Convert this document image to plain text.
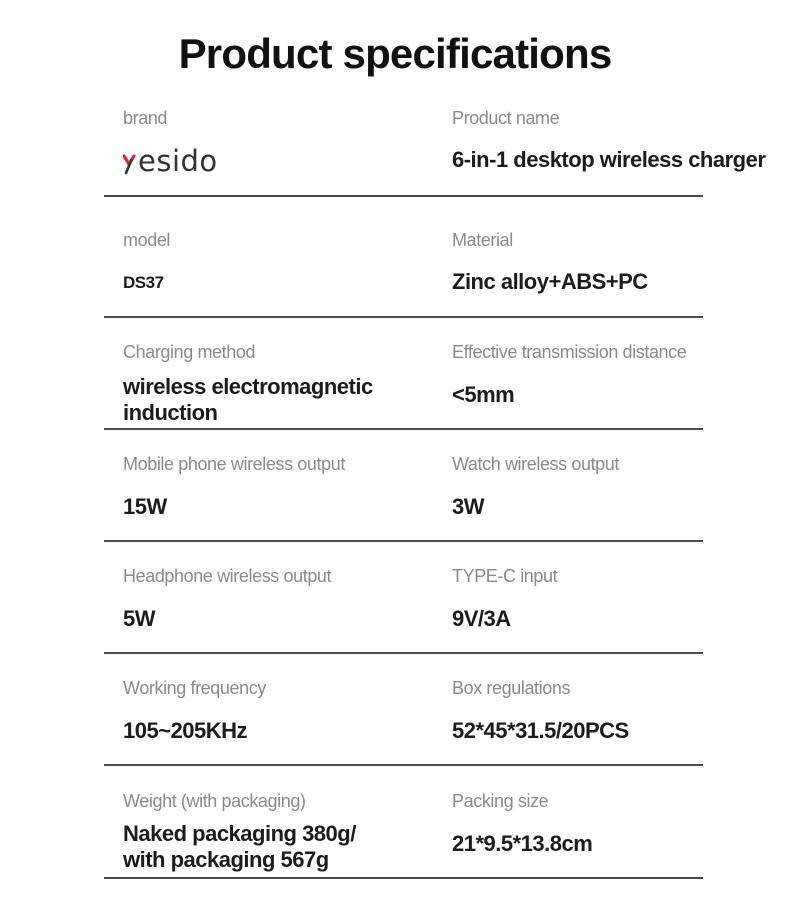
Product specifications
brand
esido
Product name
6-in-1 desktop wireless charger
model
DS37
Material
Zinc alloy+ABS+PC
Charging method
wireless electromagnetic induction
Effective transmission distance
<5mm
Mobile phone wireless output
15W
Watch wireless output
3W
Headphone wireless output
5W
TYPE-C input
9V/3A
Working frequency
105~205KHz
Box regulations
52*45*31.5/20PCS
Weight (with packaging)
Naked packaging 380g/ with packaging 567g
Packing size
21*9.5*13.8cm
